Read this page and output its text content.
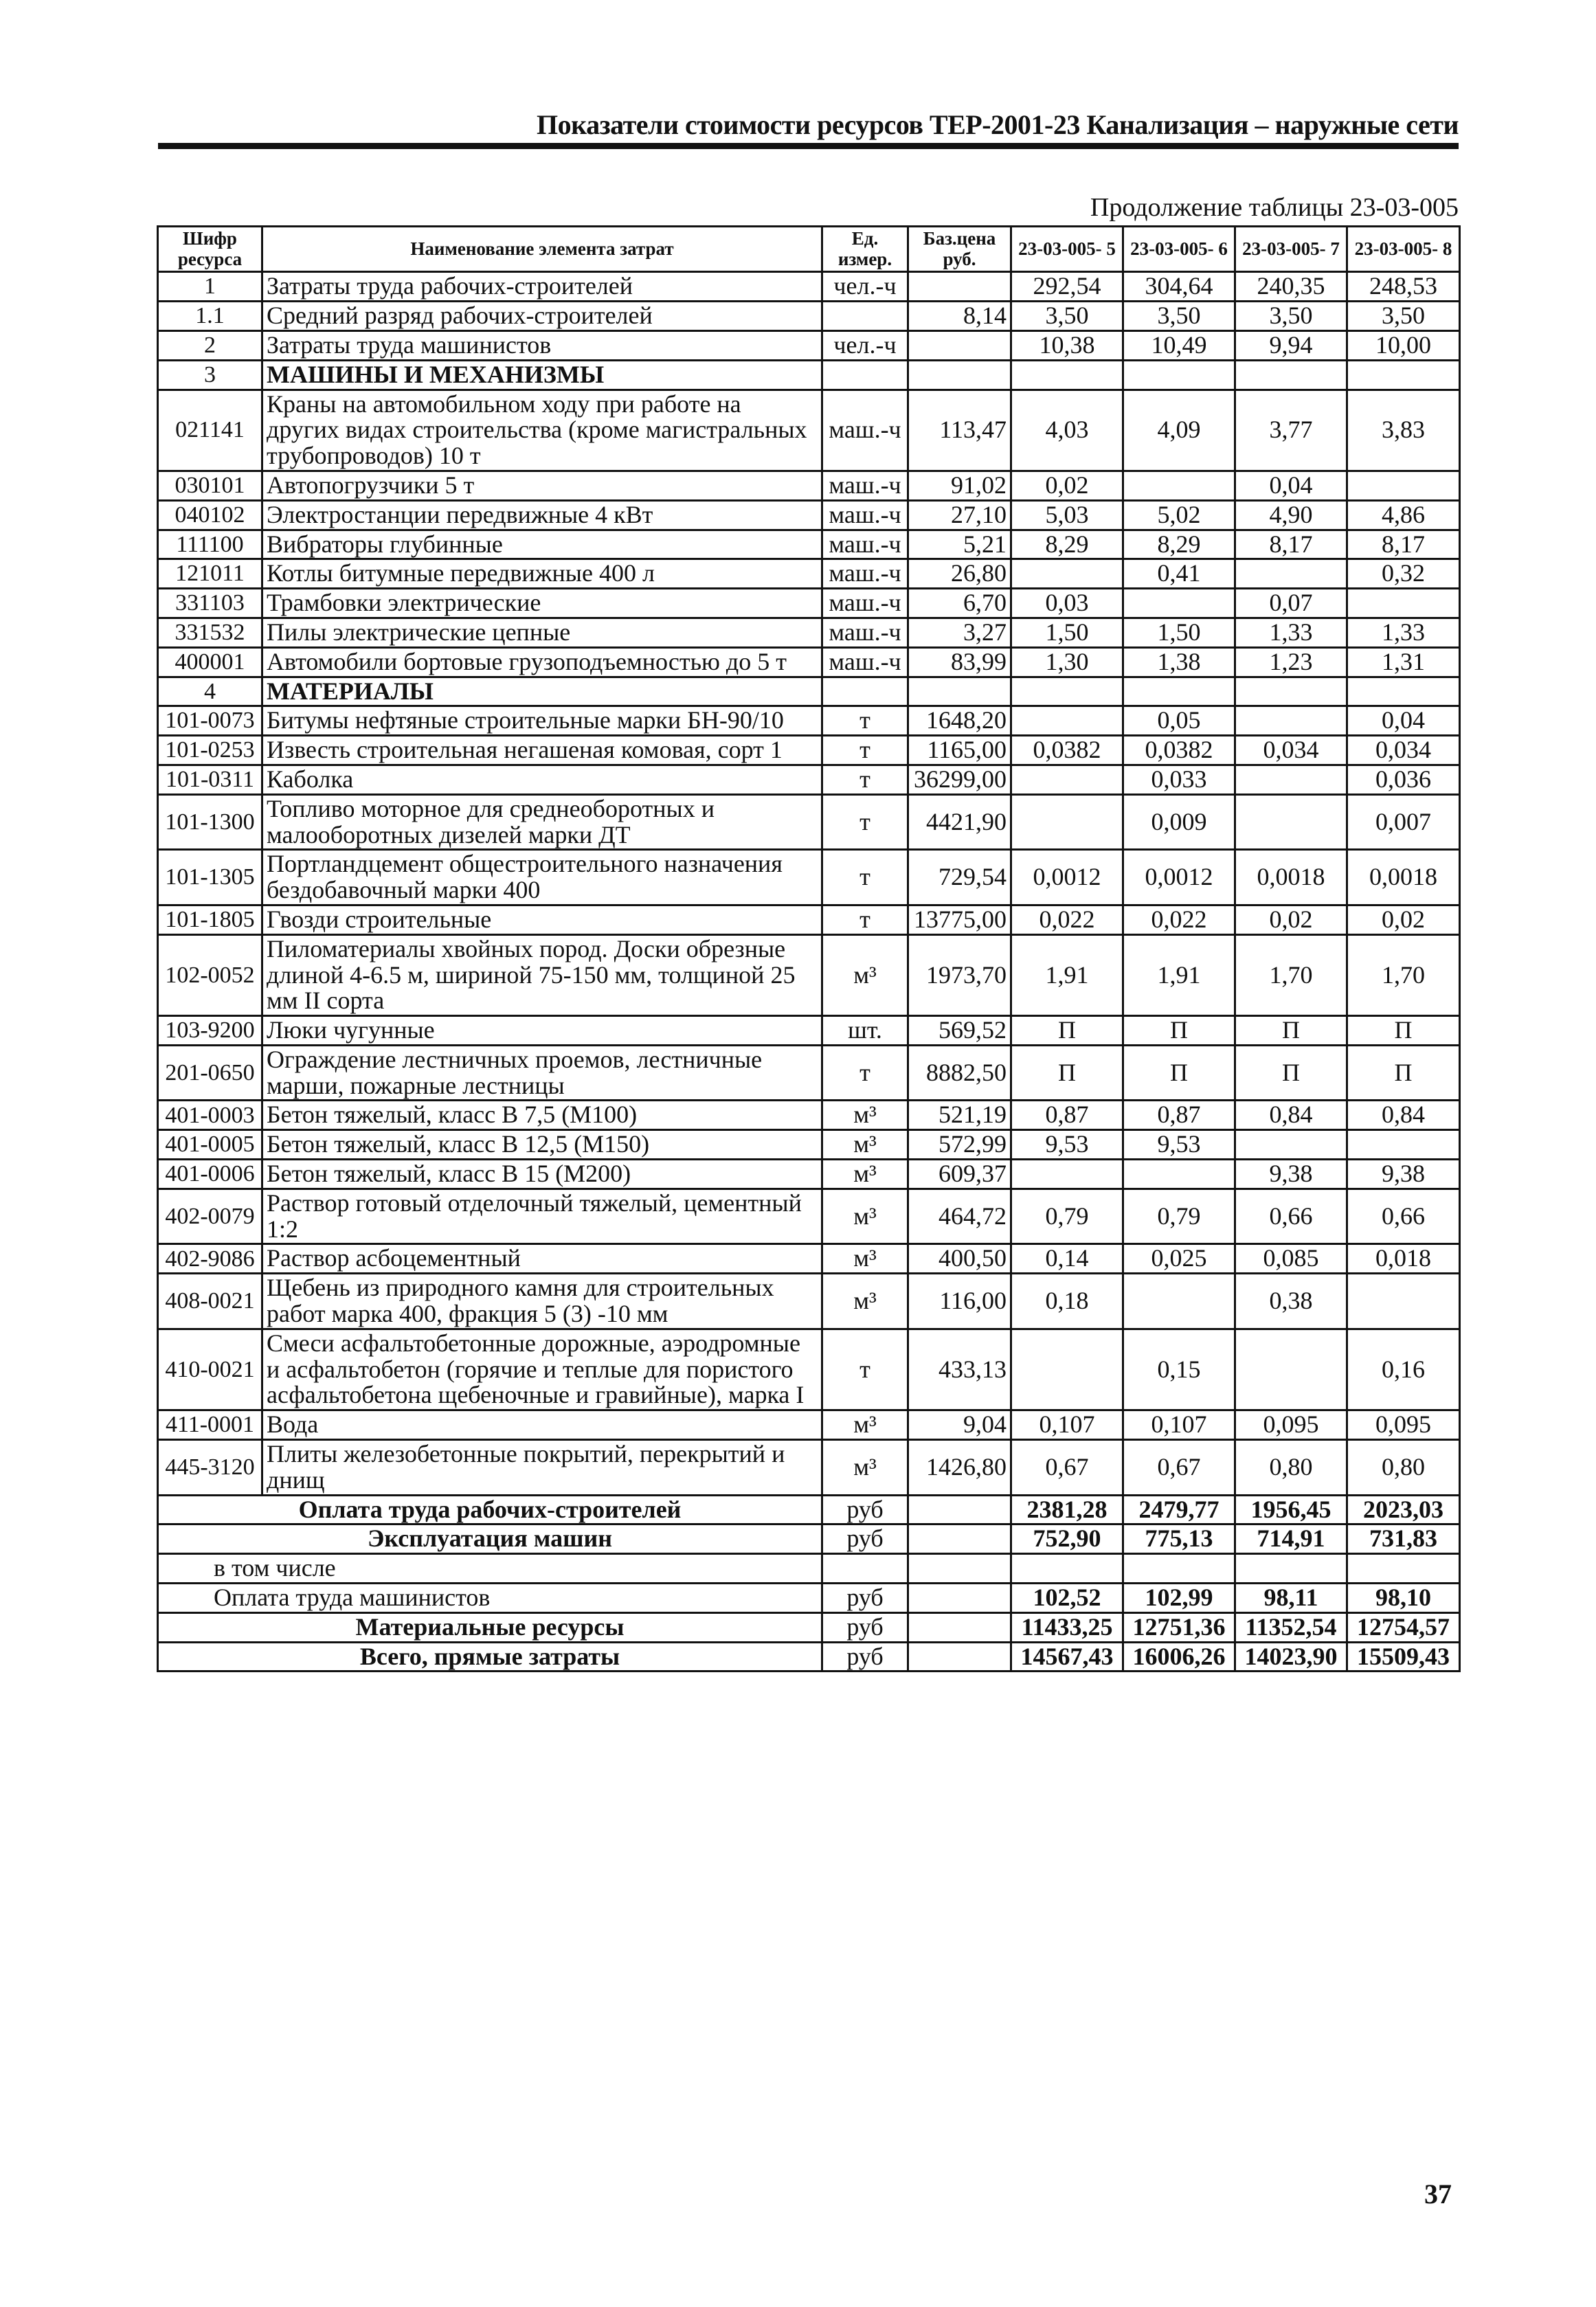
Показатели стоимости ресурсов ТЕР-2001-23 Канализация – наружные сети
Продолжение таблицы 23-03-005
Шифр ресурса	Наименование элемента затрат	Ед. измер.	Баз.цена руб.	23-03-005- 5	23-03-005- 6	23-03-005- 7	23-03-005- 8
1	Затраты труда рабочих-строителей	чел.-ч		292,54	304,64	240,35	248,53
1.1	Средний разряд рабочих-строителей		8,14	3,50	3,50	3,50	3,50
2	Затраты труда машинистов	чел.-ч		10,38	10,49	9,94	10,00
3	МАШИНЫ И МЕХАНИЗМЫ						
021141	Краны на автомобильном ходу при работе на других видах строительства (кроме магистральных трубопроводов) 10 т	маш.-ч	113,47	4,03	4,09	3,77	3,83
030101	Автопогрузчики 5 т	маш.-ч	91,02	0,02		0,04	
040102	Электростанции передвижные 4 кВт	маш.-ч	27,10	5,03	5,02	4,90	4,86
111100	Вибраторы глубинные	маш.-ч	5,21	8,29	8,29	8,17	8,17
121011	Котлы битумные передвижные 400 л	маш.-ч	26,80		0,41		0,32
331103	Трамбовки электрические	маш.-ч	6,70	0,03		0,07	
331532	Пилы электрические цепные	маш.-ч	3,27	1,50	1,50	1,33	1,33
400001	Автомобили бортовые грузоподъемностью до 5 т	маш.-ч	83,99	1,30	1,38	1,23	1,31
4	МАТЕРИАЛЫ						
101-0073	Битумы нефтяные строительные марки БН-90/10	т	1648,20		0,05		0,04
101-0253	Известь строительная негашеная комовая, сорт 1	т	1165,00	0,0382	0,0382	0,034	0,034
101-0311	Каболка	т	36299,00		0,033		0,036
101-1300	Топливо моторное для среднеоборотных и малооборотных дизелей марки ДТ	т	4421,90		0,009		0,007
101-1305	Портландцемент общестроительного назначения бездобавочный марки 400	т	729,54	0,0012	0,0012	0,0018	0,0018
101-1805	Гвозди строительные	т	13775,00	0,022	0,022	0,02	0,02
102-0052	Пиломатериалы хвойных пород. Доски обрезные длиной 4-6.5 м, шириной 75-150 мм, толщиной 25 мм II сорта	м³	1973,70	1,91	1,91	1,70	1,70
103-9200	Люки чугунные	шт.	569,52	П	П	П	П
201-0650	Ограждение лестничных проемов, лестничные марши, пожарные лестницы	т	8882,50	П	П	П	П
401-0003	Бетон тяжелый, класс В 7,5 (М100)	м³	521,19	0,87	0,87	0,84	0,84
401-0005	Бетон тяжелый, класс В 12,5 (М150)	м³	572,99	9,53	9,53		
401-0006	Бетон тяжелый, класс В 15 (М200)	м³	609,37			9,38	9,38
402-0079	Раствор готовый отделочный тяжелый, цементный 1:2	м³	464,72	0,79	0,79	0,66	0,66
402-9086	Раствор асбоцементный	м³	400,50	0,14	0,025	0,085	0,018
408-0021	Щебень из природного камня для строительных работ марка 400, фракция 5 (3) -10 мм	м³	116,00	0,18		0,38	
410-0021	Смеси асфальтобетонные дорожные, аэродромные и асфальтобетон (горячие и теплые для пористого асфальтобетона щебеночные и гравийные), марка I	т	433,13		0,15		0,16
411-0001	Вода	м³	9,04	0,107	0,107	0,095	0,095
445-3120	Плиты железобетонные покрытий, перекрытий и днищ	м³	1426,80	0,67	0,67	0,80	0,80
Оплата труда рабочих-строителей		руб		2381,28	2479,77	1956,45	2023,03
Эксплуатация машин		руб		752,90	775,13	714,91	731,83
в том числе							
Оплата труда машинистов		руб		102,52	102,99	98,11	98,10
Материальные ресурсы		руб		11433,25	12751,36	11352,54	12754,57
Всего, прямые затраты		руб		14567,43	16006,26	14023,90	15509,43
37
